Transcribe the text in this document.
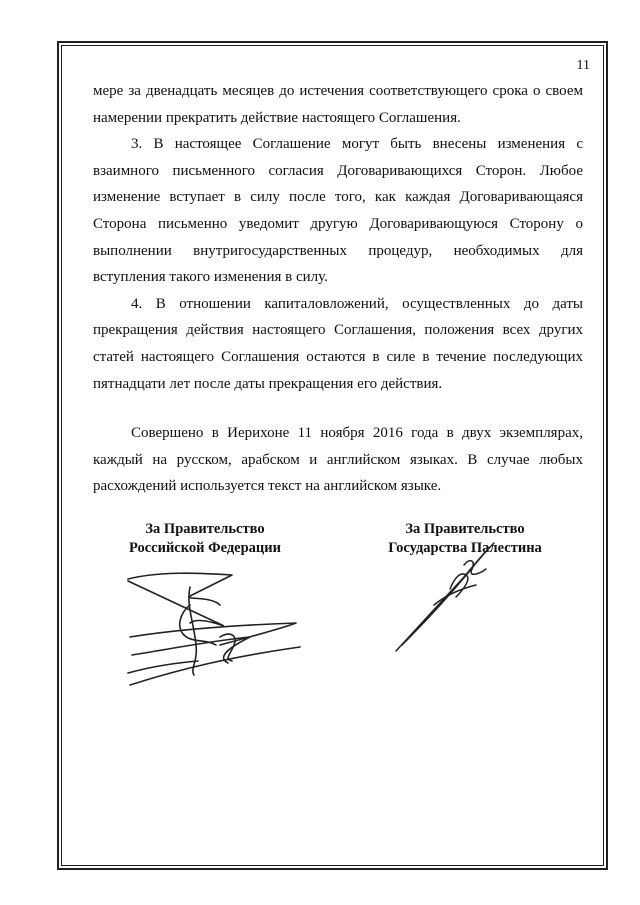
11

мере за двенадцать месяцев до истечения соответствующего срока о своем намерении прекратить действие настоящего Соглашения.

3. В настоящее Соглашение могут быть внесены изменения с взаимного письменного согласия Договаривающихся Сторон. Любое изменение вступает в силу после того, как каждая Договаривающаяся Сторона письменно уведомит другую Договаривающуюся Сторону о выполнении внутригосударственных процедур, необходимых для вступления такого изменения в силу.

4. В отношении капиталовложений, осуществленных до даты прекращения действия настоящего Соглашения, положения всех других статей настоящего Соглашения остаются в силе в течение последующих пятнадцати лет после даты прекращения его действия.

Совершено в Иерихоне 11 ноября 2016 года в двух экземплярах, каждый на русском, арабском и английском языках. В случае любых расхождений используется текст на английском языке.

За Правительство
Российской Федерации
За Правительство
Государства Палестина
